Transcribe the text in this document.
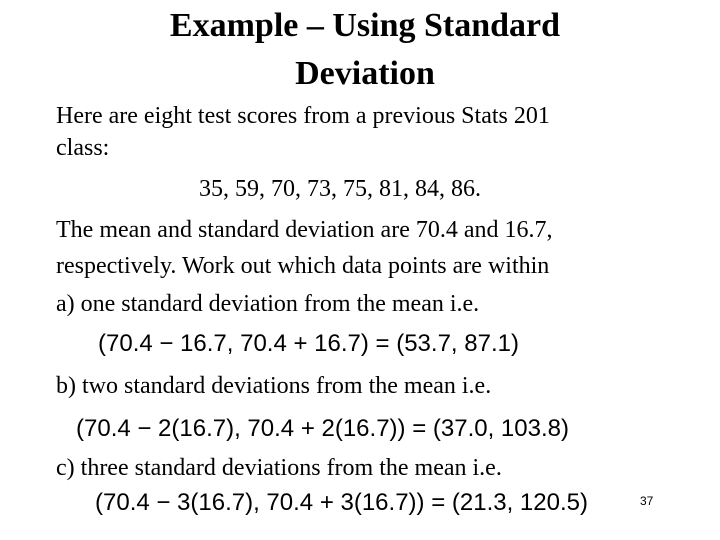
Example – Using Standard
Deviation
Here are eight test scores from a previous Stats 201
class:
35, 59, 70, 73, 75, 81, 84, 86.
The mean and standard deviation are 70.4 and 16.7,
respectively. Work out which data points are within
a) one standard deviation from the mean i.e.
(70.4 − 16.7, 70.4 + 16.7) = (53.7, 87.1)
b) two standard deviations from the mean i.e.
(70.4 − 2(16.7), 70.4 + 2(16.7)) = (37.0, 103.8)
c) three standard deviations from the mean i.e.
(70.4 − 3(16.7), 70.4 + 3(16.7)) = (21.3, 120.5)	37
